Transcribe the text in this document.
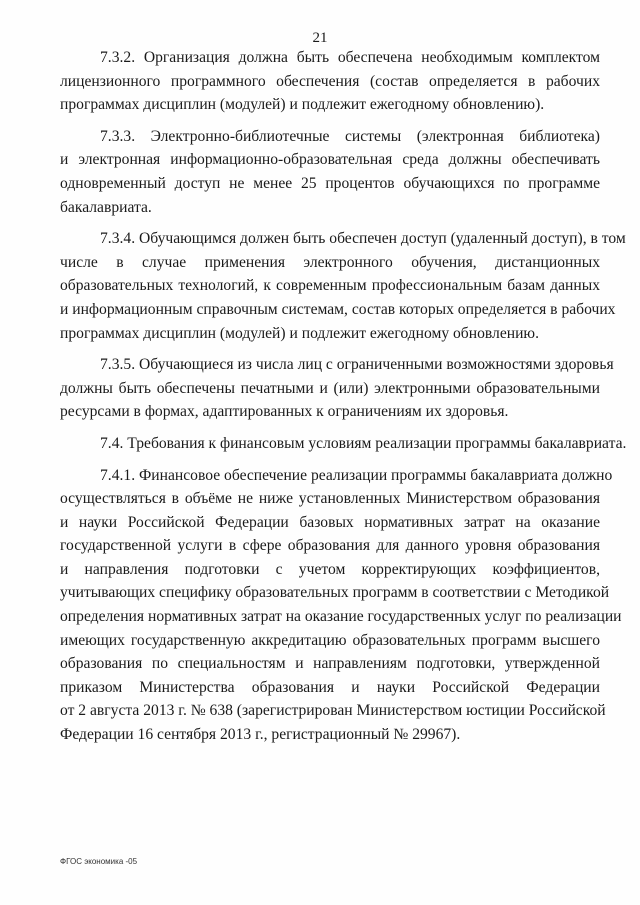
21

7.3.2. Организация должна быть обеспечена необходимым комплектом
лицензионного программного обеспечения (состав определяется в рабочих
программах дисциплин (модулей) и подлежит ежегодному обновлению).

7.3.3. Электронно-библиотечные системы (электронная библиотека)
и электронная информационно-образовательная среда должны обеспечивать
одновременный доступ не менее 25 процентов обучающихся по программе
бакалавриата.

7.3.4. Обучающимся должен быть обеспечен доступ (удаленный доступ), в том
числе в случае применения электронного обучения, дистанционных
образовательных технологий, к современным профессиональным базам данных
и информационным справочным системам, состав которых определяется в рабочих
программах дисциплин (модулей) и подлежит ежегодному обновлению.

7.3.5. Обучающиеся из числа лиц с ограниченными возможностями здоровья
должны быть обеспечены печатными и (или) электронными образовательными
ресурсами в формах, адаптированных к ограничениям их здоровья.

7.4. Требования к финансовым условиям реализации программы бакалавриата.

7.4.1. Финансовое обеспечение реализации программы бакалавриата должно
осуществляться в объёме не ниже установленных Министерством образования
и науки Российской Федерации базовых нормативных затрат на оказание
государственной услуги в сфере образования для данного уровня образования
и направления подготовки с учетом корректирующих коэффициентов,
учитывающих специфику образовательных программ в соответствии с Методикой
определения нормативных затрат на оказание государственных услуг по реализации
имеющих государственную аккредитацию образовательных программ высшего
образования по специальностям и направлениям подготовки, утвержденной
приказом Министерства образования и науки Российской Федерации
от 2 августа 2013 г. № 638 (зарегистрирован Министерством юстиции Российской
Федерации 16 сентября 2013 г., регистрационный № 29967).

ФГОС экономика -05
